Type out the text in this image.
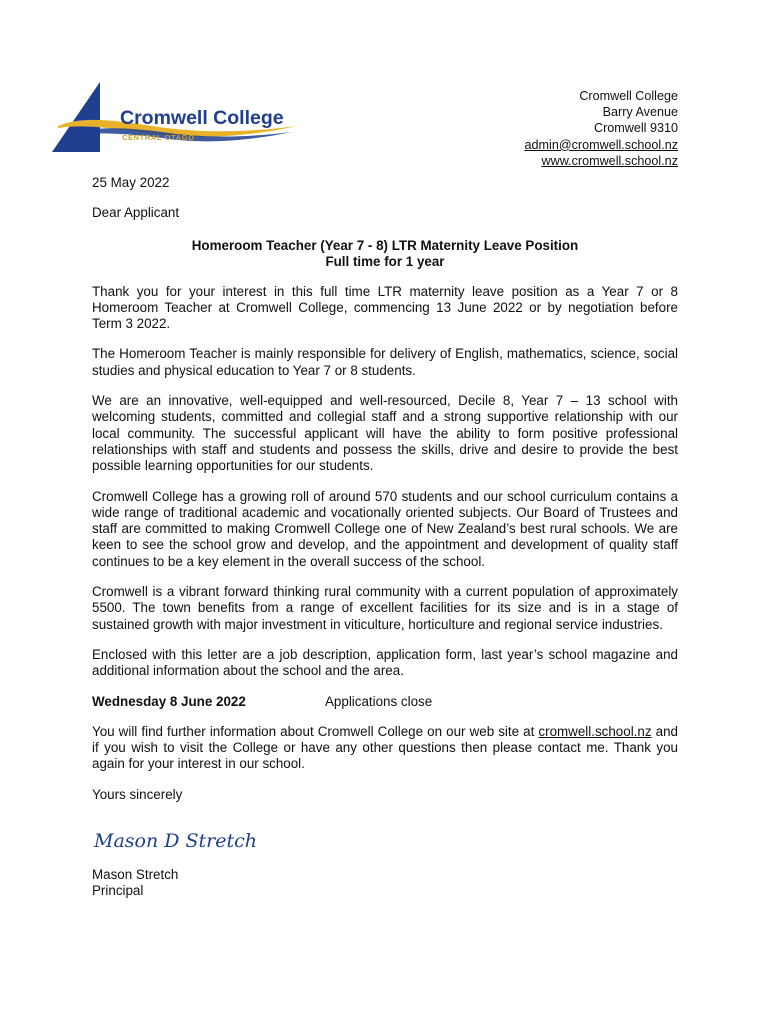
Cromwell College
CENTRAL OTAGO
Cromwell College
Barry Avenue
Cromwell 9310
admin@cromwell.school.nz
www.cromwell.school.nz

25 May 2022

Dear Applicant

Homeroom Teacher (Year 7 - 8) LTR Maternity Leave Position
Full time for 1 year

Thank you for your interest in this full time LTR maternity leave position as a Year 7 or 8 Homeroom Teacher at Cromwell College, commencing 13 June 2022 or by negotiation before Term 3 2022.

The Homeroom Teacher is mainly responsible for delivery of English, mathematics, science, social studies and physical education to Year 7 or 8 students.

We are an innovative, well-equipped and well-resourced, Decile 8, Year 7 – 13 school with welcoming students, committed and collegial staff and a strong supportive relationship with our local community. The successful applicant will have the ability to form positive professional relationships with staff and students and possess the skills, drive and desire to provide the best possible learning opportunities for our students.

Cromwell College has a growing roll of around 570 students and our school curriculum contains a wide range of traditional academic and vocationally oriented subjects. Our Board of Trustees and staff are committed to making Cromwell College one of New Zealand’s best rural schools. We are keen to see the school grow and develop, and the appointment and development of quality staff continues to be a key element in the overall success of the school.

Cromwell is a vibrant forward thinking rural community with a current population of approximately 5500. The town benefits from a range of excellent facilities for its size and is in a stage of sustained growth with major investment in viticulture, horticulture and regional service industries.

Enclosed with this letter are a job description, application form, last year’s school magazine and additional information about the school and the area.

Wednesday 8 June 2022	Applications close

You will find further information about Cromwell College on our web site at cromwell.school.nz and if you wish to visit the College or have any other questions then please contact me. Thank you again for your interest in our school.

Yours sincerely

Mason D Stretch
Mason Stretch
Principal
